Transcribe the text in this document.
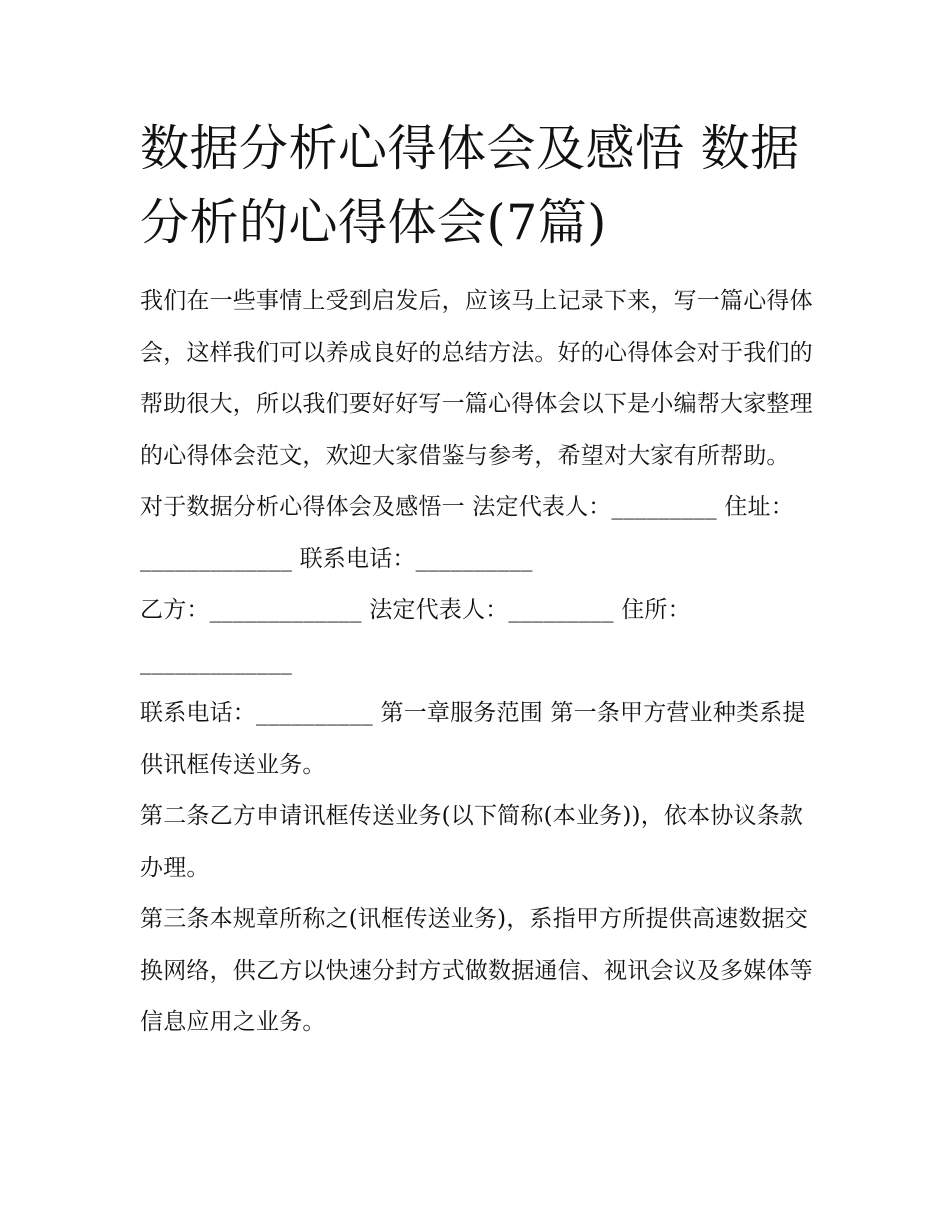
数据分析心得体会及感悟 数据分析的心得体会(7篇)

我们在一些事情上受到启发后，应该马上记录下来，写一篇心得体会，这样我们可以养成良好的总结方法。好的心得体会对于我们的帮助很大，所以我们要好好写一篇心得体会以下是小编帮大家整理的心得体会范文，欢迎大家借鉴与参考，希望对大家有所帮助。

对于数据分析心得体会及感悟一 法定代表人：_________ 住址：_____________ 联系电话：__________

乙方：_____________ 法定代表人：_________ 住所：_____________

联系电话：__________ 第一章服务范围 第一条甲方营业种类系提供讯框传送业务。

第二条乙方申请讯框传送业务(以下简称(本业务))，依本协议条款办理。

第三条本规章所称之(讯框传送业务)，系指甲方所提供高速数据交换网络，供乙方以快速分封方式做数据通信、视讯会议及多媒体等信息应用之业务。
